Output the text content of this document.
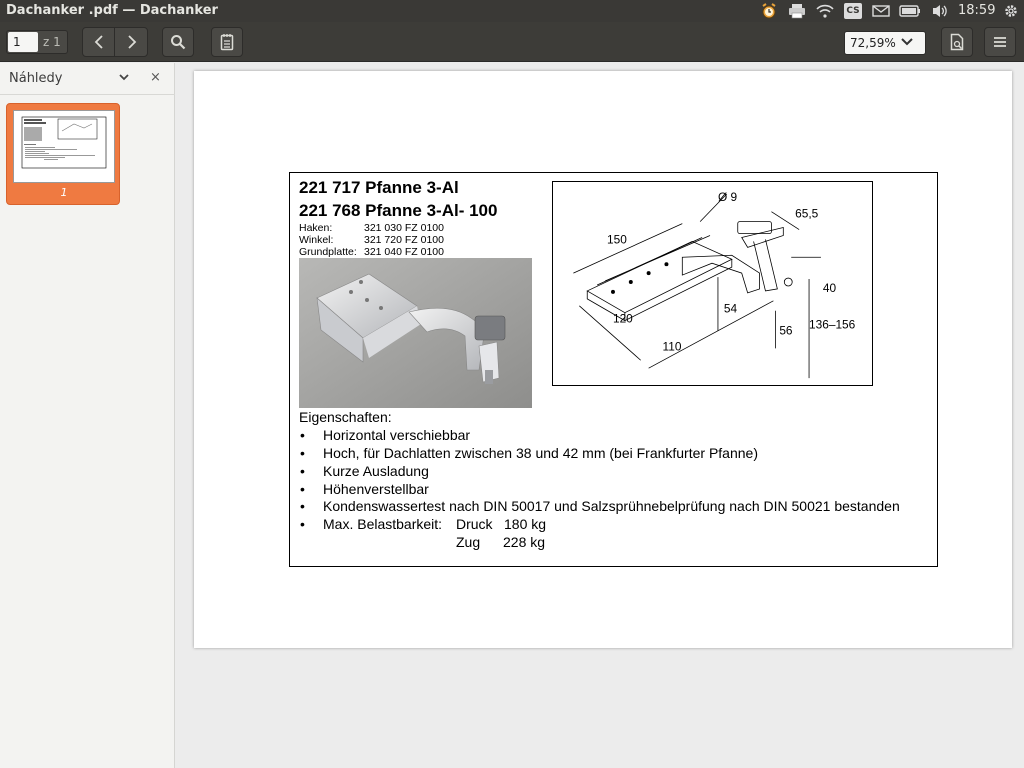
Dachanker .pdf — Dachanker	CS	18:59
1
z 1	72,59%
Náhledy	×
1	221 717 Pfanne 3-Al
221 768 Pfanne 3-Al- 100
Haken:	321 030 FZ 0100
Winkel:	321 720 FZ 0100
Grundplatte: 321 040 FZ 0100
Ø 9
150
65,5
120
110
54
56
40
136–156
Eigenschaften:
• Horizontal verschiebbar
• Hoch, für Dachlatten zwischen 38 und 42 mm (bei Frankfurter Pfanne)
• Kurze Ausladung
• Höhenverstellbar
• Kondenswassertest nach DIN 50017 und Salzsprühnebelprüfung nach DIN 50021 bestanden
• Max. Belastbarkeit: Druck 180 kg
Zug 228 kg
